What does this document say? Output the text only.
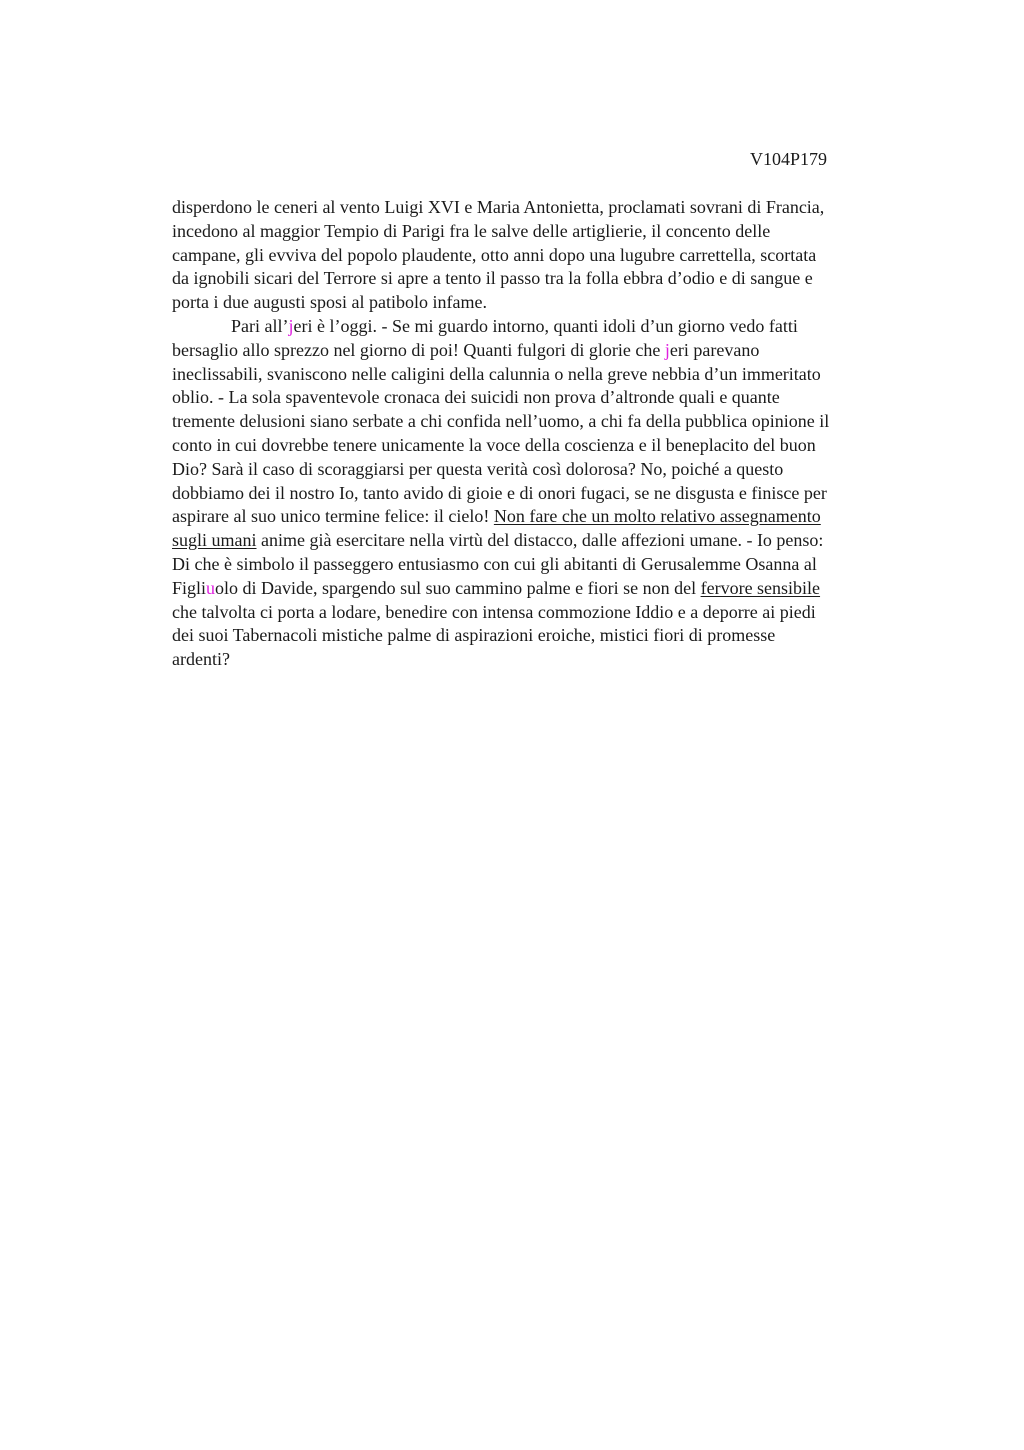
V104P179
disperdono le ceneri al vento Luigi XVI e Maria Antonietta, proclamati sovrani di Francia,
incedono al maggior Tempio di Parigi fra le salve delle artiglierie, il concento delle
campane, gli evviva del popolo plaudente, otto anni dopo una lugubre carrettella, scortata
da ignobili sicari del Terrore si apre a tento il passo tra la folla ebbra d’odio e di sangue e
porta i due augusti sposi al patibolo infame.
Pari all’jeri è l’oggi. - Se mi guardo intorno, quanti idoli d’un giorno vedo fatti
bersaglio allo sprezzo nel giorno di poi! Quanti fulgori di glorie che jeri parevano
ineclissabili, svaniscono nelle caligini della calunnia o nella greve nebbia d’un immeritato
oblio. - La sola spaventevole cronaca dei suicidi non prova d’altronde quali e quante
tremente delusioni siano serbate a chi confida nell’uomo, a chi fa della pubblica opinione il
conto in cui dovrebbe tenere unicamente la voce della coscienza e il beneplacito del buon
Dio? Sarà il caso di scoraggiarsi per questa verità così dolorosa? No, poiché a questo
dobbiamo dei il nostro Io, tanto avido di gioie e di onori fugaci, se ne disgusta e finisce per
aspirare al suo unico termine felice: il cielo! Non fare che un molto relativo assegnamento
sugli umani anime già esercitare nella virtù del distacco, dalle affezioni umane. - Io penso:
Di che è simbolo il passeggero entusiasmo con cui gli abitanti di Gerusalemme Osanna al
Figliuolo di Davide, spargendo sul suo cammino palme e fiori se non del fervore sensibile
che talvolta ci porta a lodare, benedire con intensa commozione Iddio e a deporre ai piedi
dei suoi Tabernacoli mistiche palme di aspirazioni eroiche, mistici fiori di promesse
ardenti?
